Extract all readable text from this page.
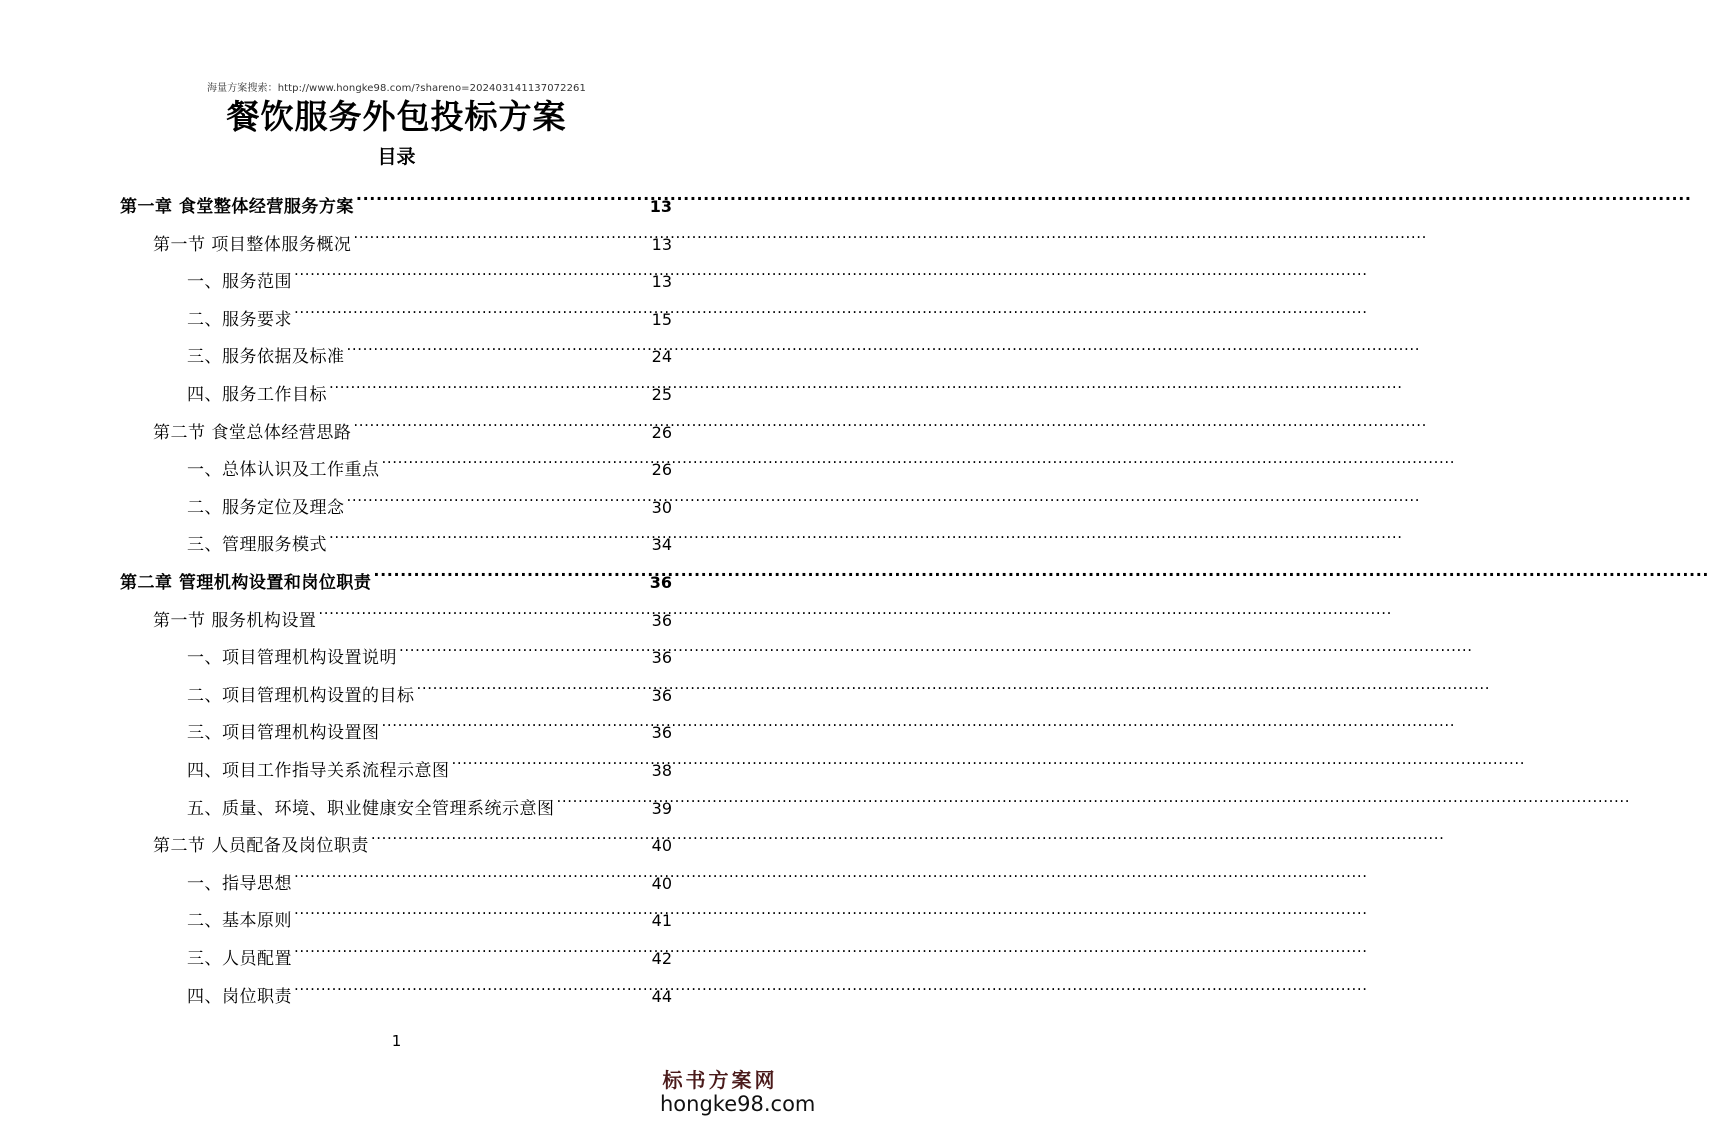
海量方案搜索：http://www.hongke98.com/?shareno=20240314113707226​1
餐饮服务外包投标方案
目录
第一章 食堂整体经营服务方案 .....	13
第一节 项目整体服务概况 .....	13
一、服务范围 .....	13
二、服务要求 .....	15
三、服务依据及标准 .....	24
四、服务工作目标 .....	25
第二节 食堂总体经营思路 .....	26
一、总体认识及工作重点 .....	26
二、服务定位及理念 .....	30
三、管理服务模式 .....	34
第二章 管理机构设置和岗位职责 .....	36
第一节 服务机构设置 .....	36
一、项目管理机构设置说明 .....	36
二、项目管理机构设置的目标 .....	36
三、项目管理机构设置图 .....	36
四、项目工作指导关系流程示意图 .....	38
五、质量、环境、职业健康安全管理系统示意图 .....	39
第二节 人员配备及岗位职责 .....	40
一、指导思想 .....	40
二、基本原则 .....	41
三、人员配置 .....	42
四、岗位职责 .....	44
1
标书方案网
hongke98.com
